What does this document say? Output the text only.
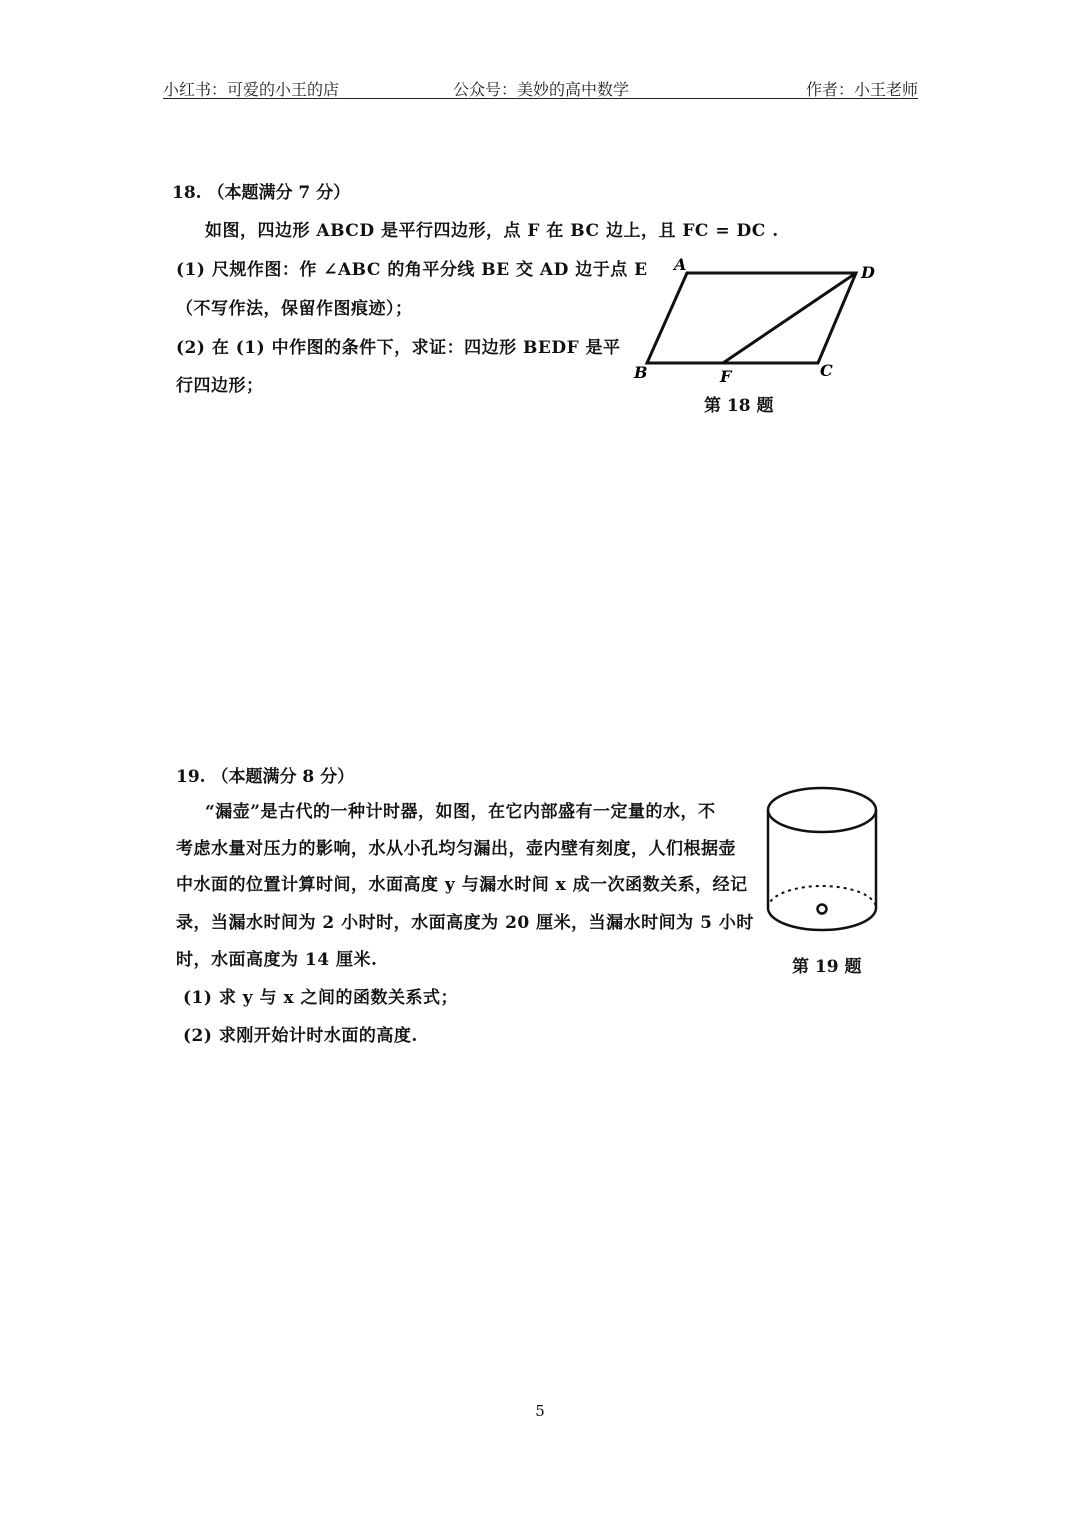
小红书：可爱的小王的店	公众号：美妙的高中数学	作者：小王老师
18. （本题满分 7 分）
如图，四边形 ABCD 是平行四边形，点 F 在 BC 边上，且 FC = DC .
(1) 尺规作图：作 ∠ABC 的角平分线 BE 交 AD 边于点 E
（不写作法，保留作图痕迹）；
(2) 在 (1) 中作图的条件下，求证：四边形 BEDF 是平
行四边形；
A	D
B	F	C
第 18 题
19. （本题满分 8 分）
“漏壶”是古代的一种计时器，如图，在它内部盛有一定量的水，不
考虑水量对压力的影响，水从小孔均匀漏出，壶内壁有刻度，人们根据壶
中水面的位置计算时间，水面高度 y 与漏水时间 x 成一次函数关系，经记
录，当漏水时间为 2 小时时，水面高度为 20 厘米，当漏水时间为 5 小时
时，水面高度为 14 厘米.
(1) 求 y 与 x 之间的函数关系式；
(2) 求刚开始计时水面的高度.
第 19 题
5
